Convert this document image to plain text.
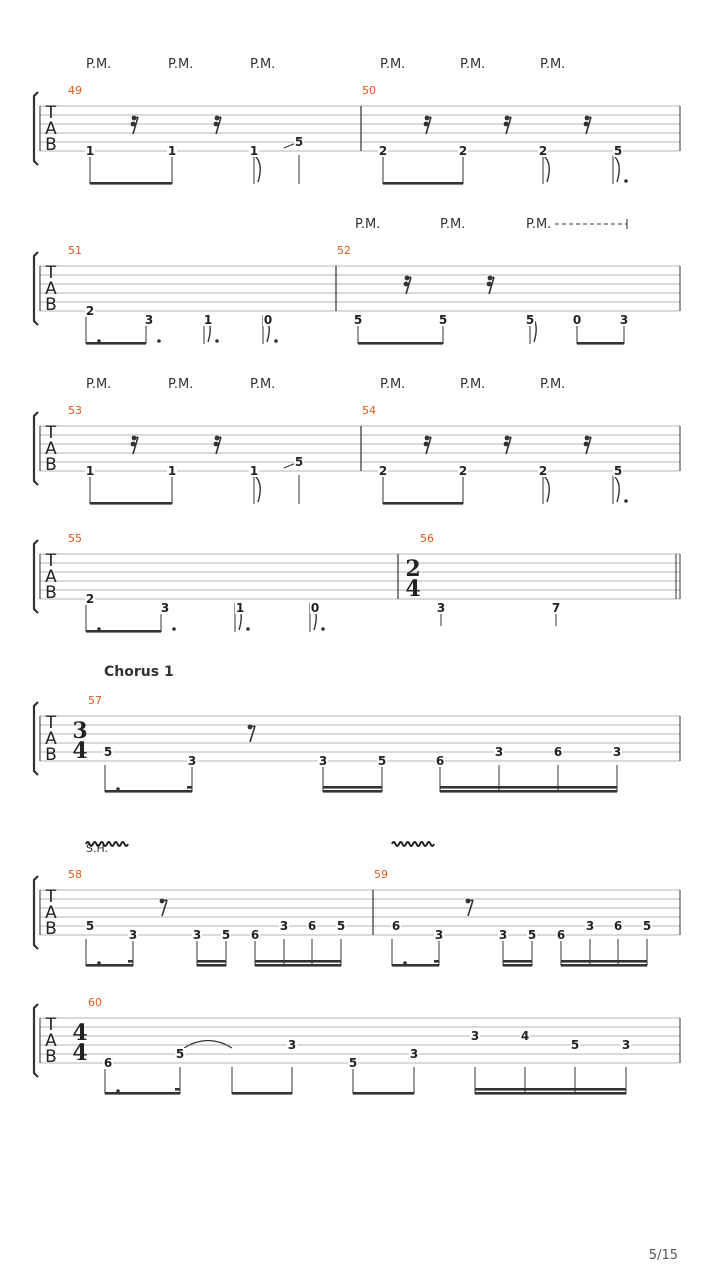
Chorus 1
T
A
B
49	50
P.M.	P.M.	P.M.	P.M.	P.M.	P.M.
1	1	1
5
2	2	2	5
T
A
B
51	52
P.M.	P.M.	P.M.
2
3	1	0	5	5	5	0	3
T
A
B
53	54
P.M.	P.M.	P.M.	P.M.	P.M.	P.M.
1	1	1
5
2	2	2	5
T
A
B
55	56
2
4
2
3	1	0	3	7
T
A
B
57
3
4 5
3	3	5	6
3	6	3
T
A
B
58	59
S.H.
5
3	3 5 6
3 6 5	6
3	3 5 6
3 6 5
T
A
B
60
4
4 6
5
3
5
3
3	4
5	3
5/15
